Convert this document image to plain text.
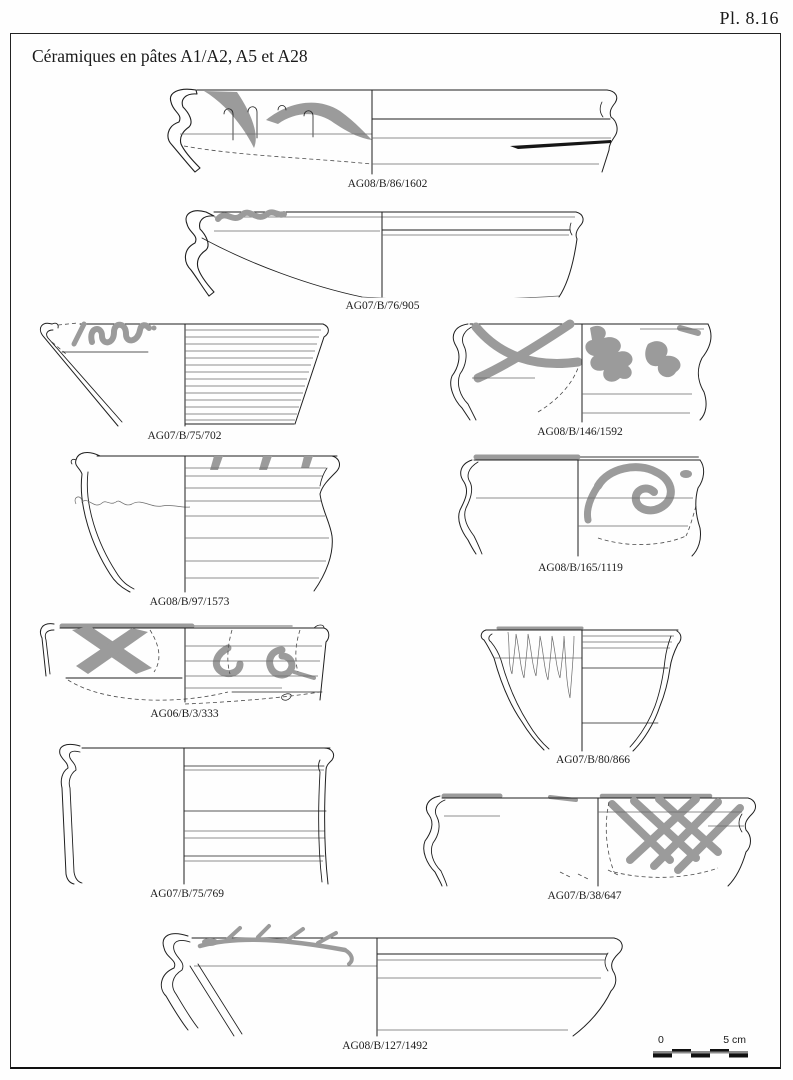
Pl. 8.16
Céramiques en pâtes A1/A2, A5 et A28
AG08/B/86/1602
AG07/B/76/905
AG07/B/75/702	AG08/B/146/1592
AG08/B/97/1573
AG08/B/165/1119
AG06/B/3/333
AG07/B/80/866
AG07/B/75/769	AG07/B/38/647
AG08/B/127/1492	0	5 cm
